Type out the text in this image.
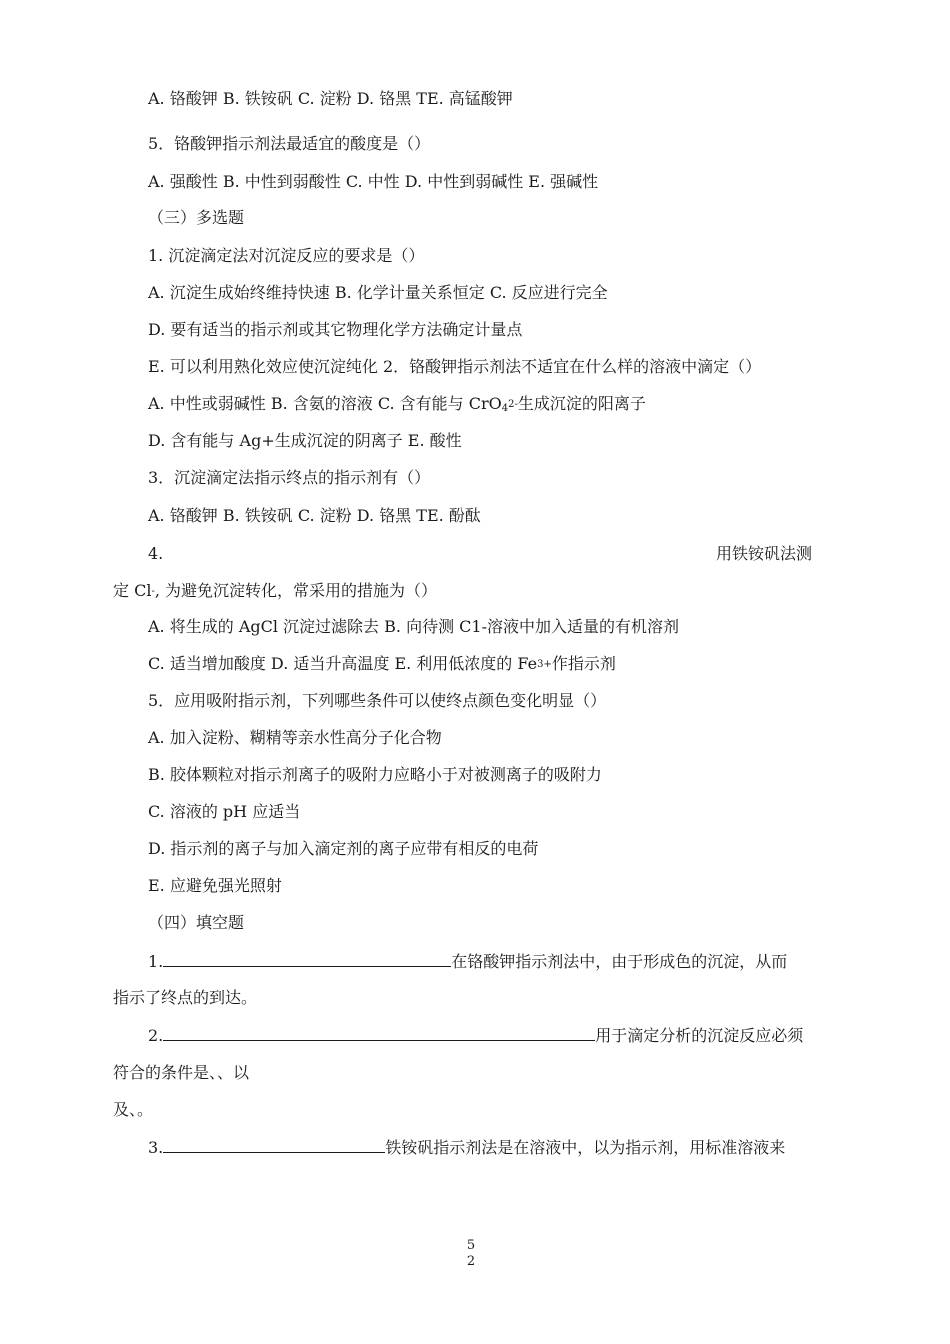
A. 铬酸钾 B. 铁铵矾 C. 淀粉 D. 铬黑 TE. 高锰酸钾
5．铬酸钾指示剂法最适宜的酸度是（）
A. 强酸性 B. 中性到弱酸性 C. 中性 D. 中性到弱碱性 E. 强碱性
（三）多选题
1. 沉淀滴定法对沉淀反应的要求是（）
A. 沉淀生成始终维持快速 B. 化学计量关系恒定 C. 反应进行完全
D. 要有适当的指示剂或其它物理化学方法确定计量点
E. 可以利用熟化效应使沉淀纯化 2．铬酸钾指示剂法不适宜在什么样的溶液中滴定（）
A. 中性或弱碱性 B. 含氨的溶液 C. 含有能与 CrO42-生成沉淀的阳离子
D. 含有能与 Ag+生成沉淀的阴离子 E. 酸性
3．沉淀滴定法指示终点的指示剂有（）
A. 铬酸钾 B. 铁铵矾 C. 淀粉 D. 铬黑 TE. 酚酞
4.	用铁铵矾法测
定 Cl-, 为避免沉淀转化，常采用的措施为（）
A. 将生成的 AgCl 沉淀过滤除去 B. 向待测 C1-溶液中加入适量的有机溶剂
C. 适当增加酸度 D. 适当升高温度 E. 利用低浓度的 Fe3+作指示剂
5．应用吸附指示剂，下列哪些条件可以使终点颜色变化明显（）
A. 加入淀粉、糊精等亲水性高分子化合物
B. 胶体颗粒对指示剂离子的吸附力应略小于对被测离子的吸附力
C. 溶液的 pH 应适当
D. 指示剂的离子与加入滴定剂的离子应带有相反的电荷
E. 应避免强光照射
（四）填空题
1.	在铬酸钾指示剂法中，由于形成色的沉淀，从而
指示了终点的到达。
2.	用于滴定分析的沉淀反应必须
符合的条件是、、以
及、。
3.	铁铵矾指示剂法是在溶液中，以为指示剂，用标准溶液来
5
2
